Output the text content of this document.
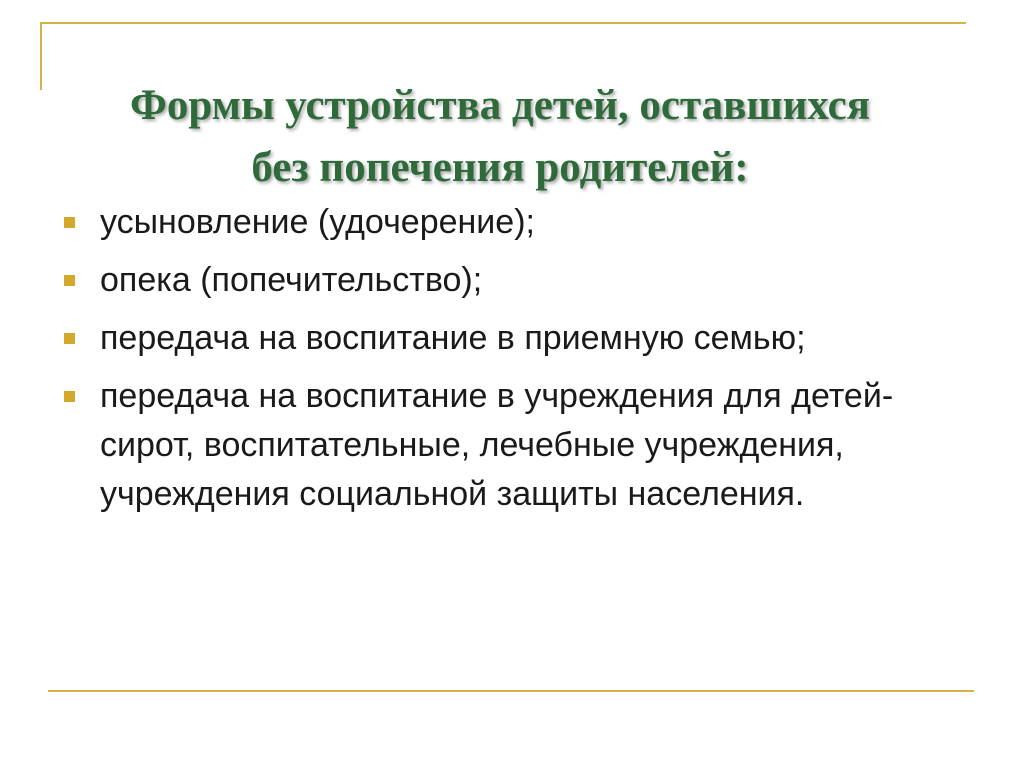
Формы устройства детей, оставшихся
без попечения родителей:
усыновление (удочерение);
опека (попечительство);
передача на воспитание в приемную семью;
передача на воспитание в учреждения для детей-сирот, воспитательные, лечебные учреждения, учреждения социальной защиты населения.
